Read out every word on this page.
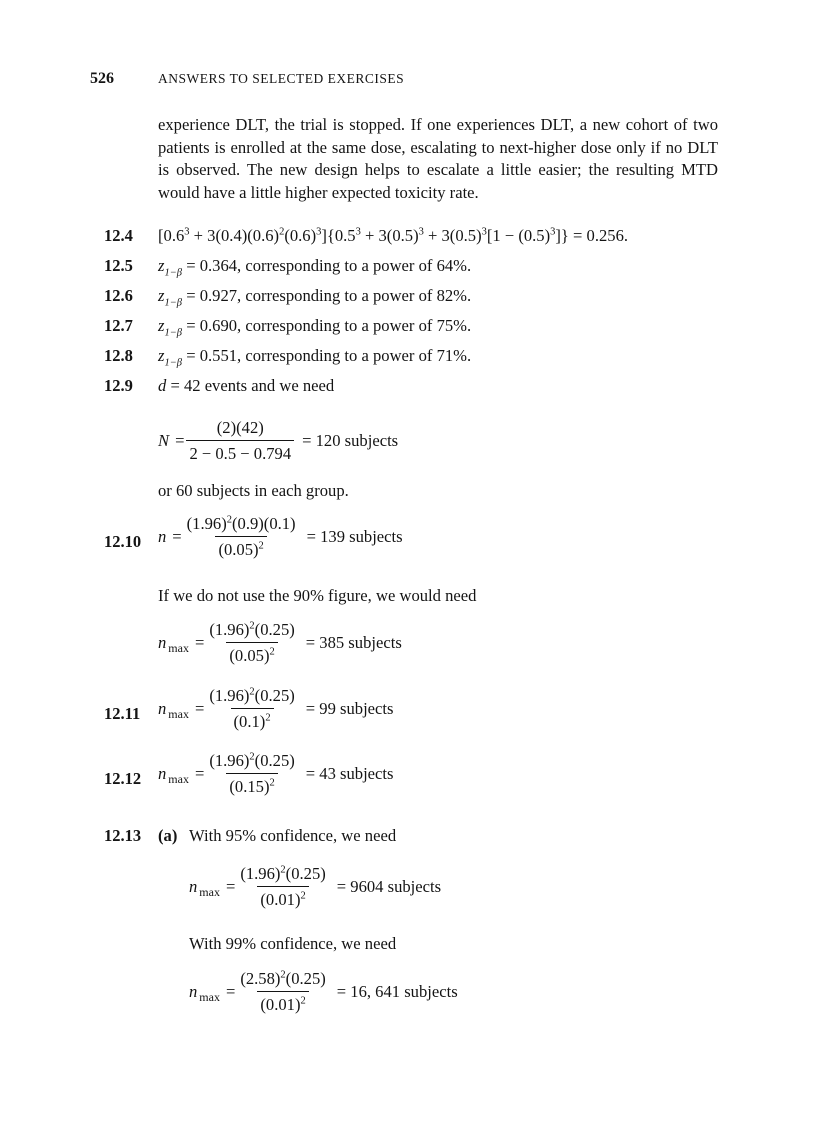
526	ANSWERS TO SELECTED EXERCISES
experience DLT, the trial is stopped. If one experiences DLT, a new cohort of two patients is enrolled at the same dose, escalating to next-higher dose only if no DLT is observed. The new design helps to escalate a little easier; the resulting MTD would have a little higher expected toxicity rate.
12.4 $[0.6^3 + 3(0.4)(0.6)^2(0.6)^3]\{0.5^3 + 3(0.5)^3 + 3(0.5)^3[1 - (0.5)^3]\} = 0.256$.
12.5 $z_{1-\beta} = 0.364$, corresponding to a power of 64%.
12.6 $z_{1-\beta} = 0.927$, corresponding to a power of 82%.
12.7 $z_{1-\beta} = 0.690$, corresponding to a power of 75%.
12.8 $z_{1-\beta} = 0.551$, corresponding to a power of 71%.
12.9 d = 42 events and we need
$N = \frac{(2)(42)}{2 - 0.5 - 0.794} = 120$ subjects
or 60 subjects in each group.
12.10 $n = \frac{(1.96)^2(0.9)(0.1)}{(0.05)^2} = 139$ subjects
If we do not use the 90% figure, we would need
n $_{max} = \frac{(1.96)^2(0.25)}{(0.05)^2} = 385$ subjects
12.11 n $_{max} = \frac{(1.96)^2(0.25)}{(0.1)^2} = 99$ subjects
12.12 n $_{max} = \frac{(1.96)^2(0.25)}{(0.15)^2} = 43$ subjects
12.13 (a) With 95% confidence, we need
n $_{max} = \frac{(1.96)^2(0.25)}{(0.01)^2} = 9604$ subjects
With 99% confidence, we need
n $_{max} = \frac{(2.58)^2(0.25)}{(0.01)^2} = 16$, 641 subjects
